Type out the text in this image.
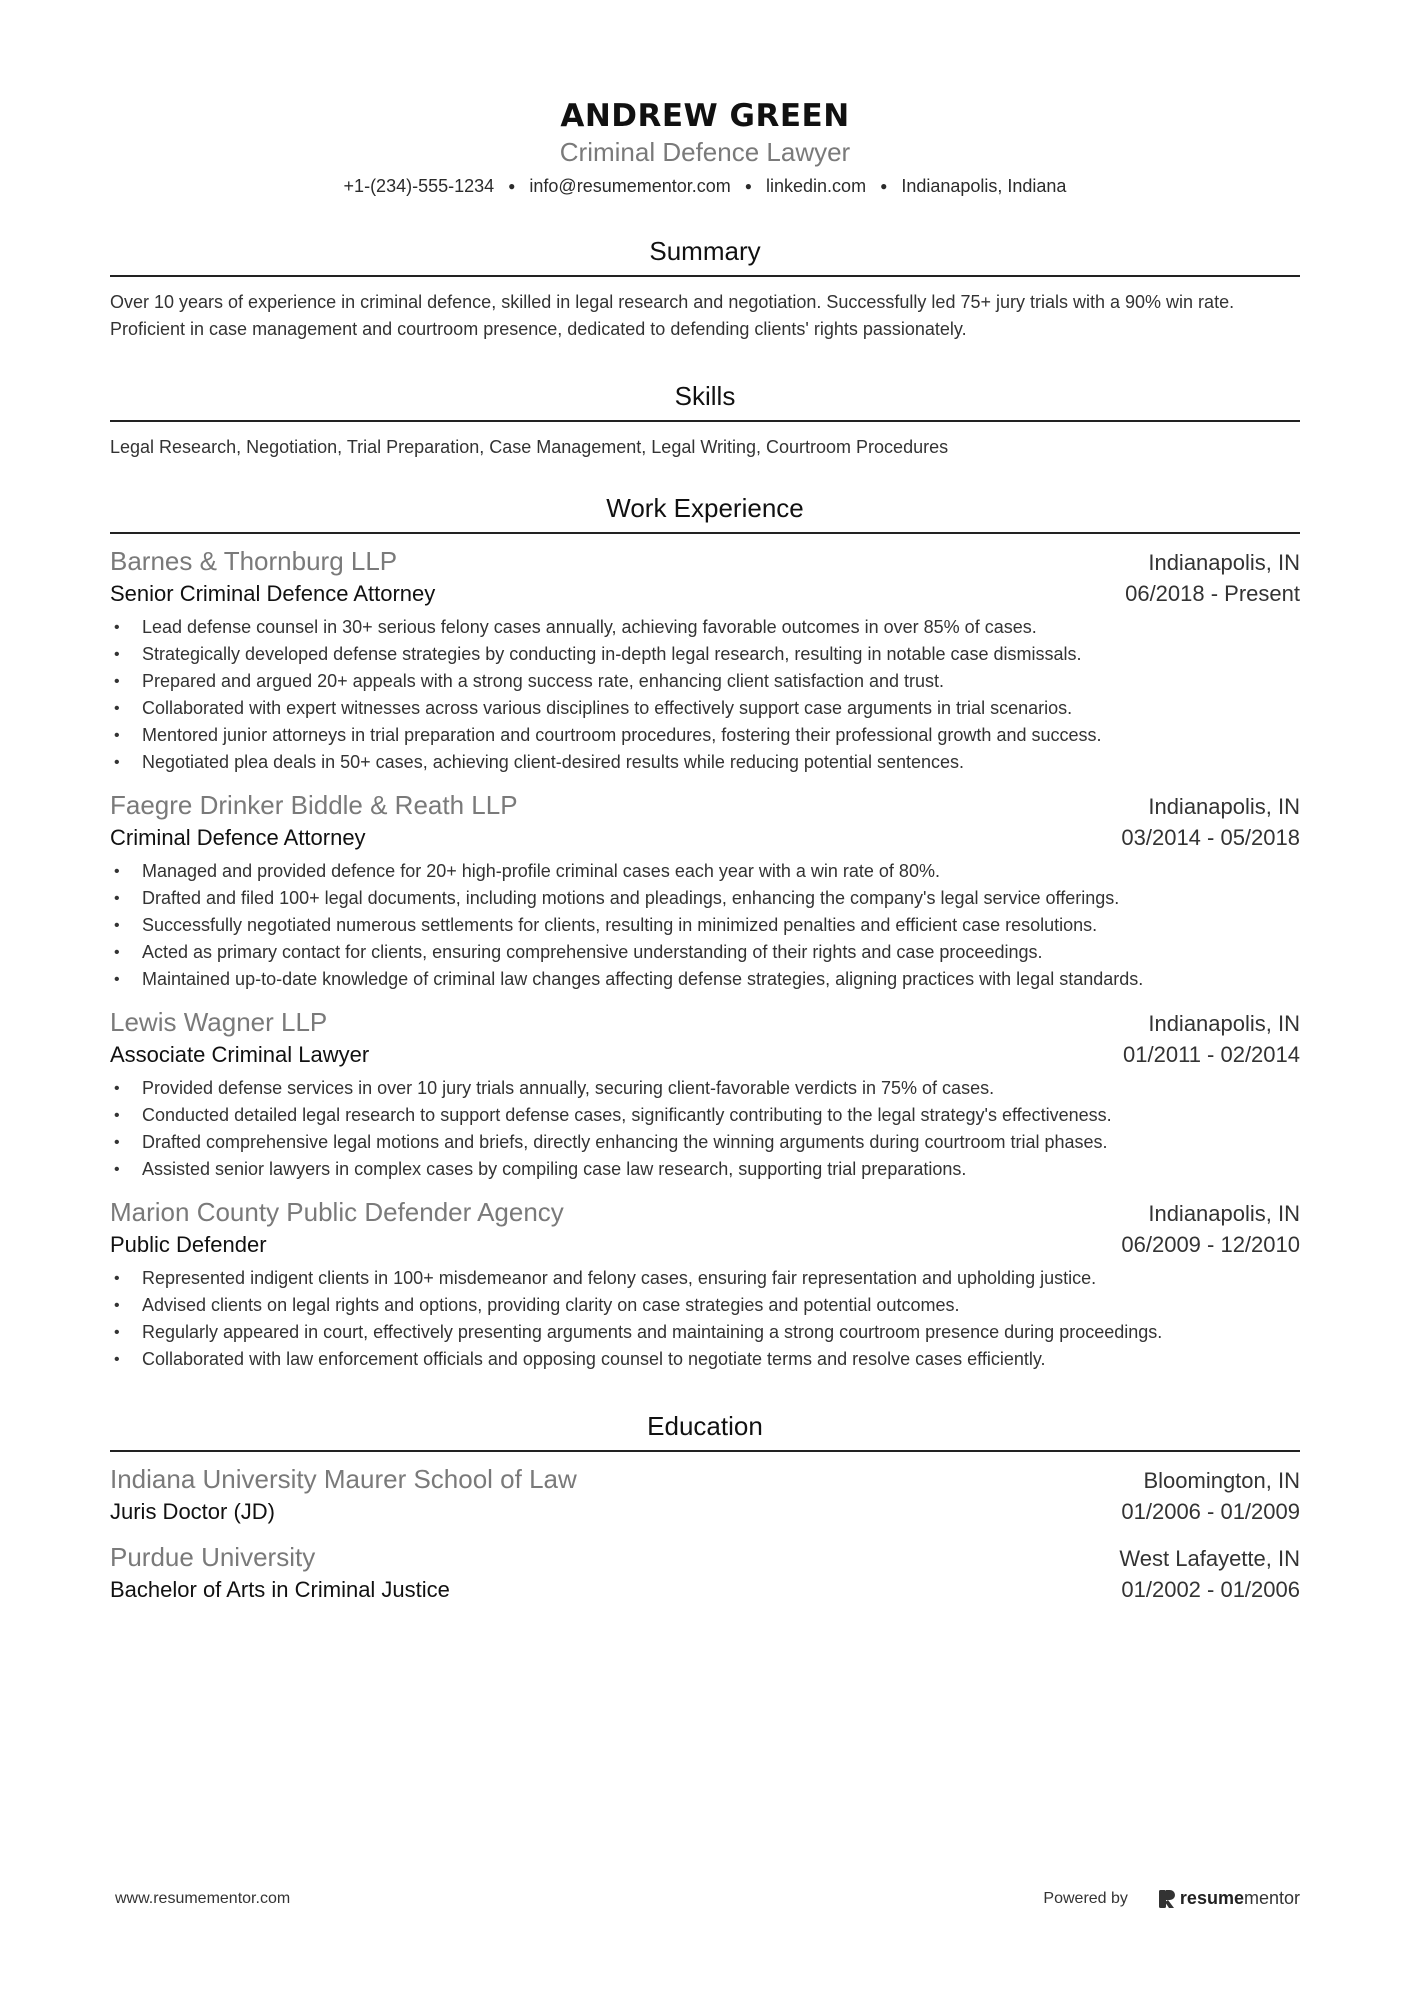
ANDREW GREEN
Criminal Defence Lawyer
+1-(234)-555-1234 ● info@resumementor.com ● linkedin.com ● Indianapolis, Indiana
Summary
Over 10 years of experience in criminal defence, skilled in legal research and negotiation. Successfully led 75+ jury trials with a 90% win rate. Proficient in case management and courtroom presence, dedicated to defending clients' rights passionately.
Skills
Legal Research, Negotiation, Trial Preparation, Case Management, Legal Writing, Courtroom Procedures
Work Experience
Barnes & Thornburg LLP	Indianapolis, IN
Senior Criminal Defence Attorney	06/2018 - Present
• Lead defense counsel in 30+ serious felony cases annually, achieving favorable outcomes in over 85% of cases.
• Strategically developed defense strategies by conducting in-depth legal research, resulting in notable case dismissals.
• Prepared and argued 20+ appeals with a strong success rate, enhancing client satisfaction and trust.
• Collaborated with expert witnesses across various disciplines to effectively support case arguments in trial scenarios.
• Mentored junior attorneys in trial preparation and courtroom procedures, fostering their professional growth and success.
• Negotiated plea deals in 50+ cases, achieving client-desired results while reducing potential sentences.
Faegre Drinker Biddle & Reath LLP	Indianapolis, IN
Criminal Defence Attorney	03/2014 - 05/2018
• Managed and provided defence for 20+ high-profile criminal cases each year with a win rate of 80%.
• Drafted and filed 100+ legal documents, including motions and pleadings, enhancing the company's legal service offerings.
• Successfully negotiated numerous settlements for clients, resulting in minimized penalties and efficient case resolutions.
• Acted as primary contact for clients, ensuring comprehensive understanding of their rights and case proceedings.
• Maintained up-to-date knowledge of criminal law changes affecting defense strategies, aligning practices with legal standards.
Lewis Wagner LLP	Indianapolis, IN
Associate Criminal Lawyer	01/2011 - 02/2014
• Provided defense services in over 10 jury trials annually, securing client-favorable verdicts in 75% of cases.
• Conducted detailed legal research to support defense cases, significantly contributing to the legal strategy's effectiveness.
• Drafted comprehensive legal motions and briefs, directly enhancing the winning arguments during courtroom trial phases.
• Assisted senior lawyers in complex cases by compiling case law research, supporting trial preparations.
Marion County Public Defender Agency	Indianapolis, IN
Public Defender	06/2009 - 12/2010
• Represented indigent clients in 100+ misdemeanor and felony cases, ensuring fair representation and upholding justice.
• Advised clients on legal rights and options, providing clarity on case strategies and potential outcomes.
• Regularly appeared in court, effectively presenting arguments and maintaining a strong courtroom presence during proceedings.
• Collaborated with law enforcement officials and opposing counsel to negotiate terms and resolve cases efficiently.
Education
Indiana University Maurer School of Law	Bloomington, IN
Juris Doctor (JD)	01/2006 - 01/2009
Purdue University	West Lafayette, IN
Bachelor of Arts in Criminal Justice	01/2002 - 01/2006
www.resumementor.com	Powered by	resumementor
